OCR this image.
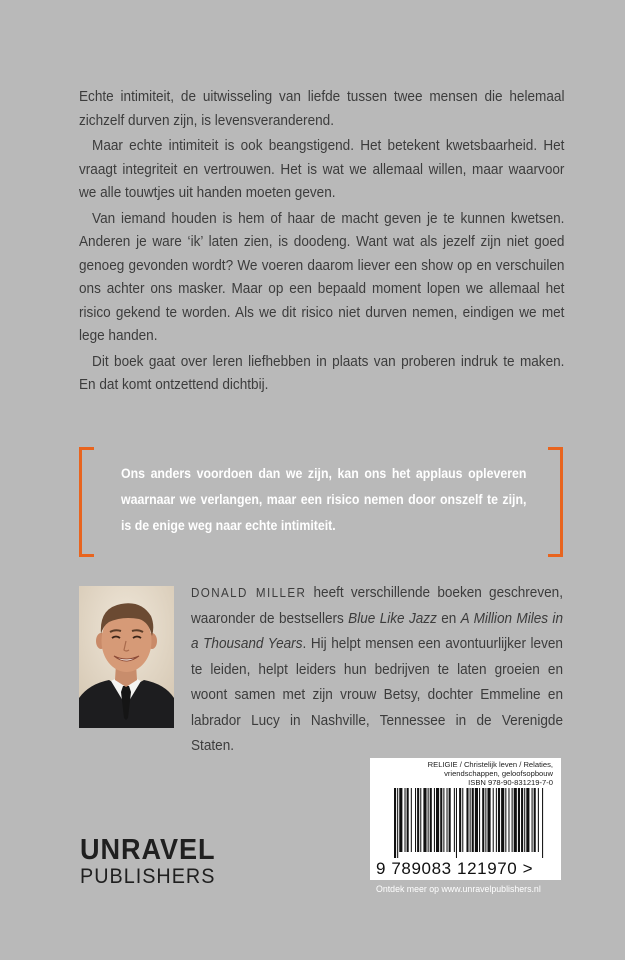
Echte intimiteit, de uitwisseling van liefde tussen twee mensen die helemaal zichzelf durven zijn, is levensveranderend.

Maar echte intimiteit is ook beangstigend. Het betekent kwetsbaarheid. Het vraagt integriteit en vertrouwen. Het is wat we allemaal willen, maar waarvoor we alle touwtjes uit handen moeten geven.

Van iemand houden is hem of haar de macht geven je te kunnen kwetsen. Anderen je ware ‘ik’ laten zien, is doodeng. Want wat als jezelf zijn niet goed genoeg gevonden wordt? We voeren daarom liever een show op en verschuilen ons achter ons masker. Maar op een bepaald moment lopen we allemaal het risico gekend te worden. Als we dit risico niet durven nemen, eindigen we met lege handen.

Dit boek gaat over leren liefhebben in plaats van proberen indruk te maken. En dat komt ontzettend dichtbij.

Ons anders voordoen dan we zijn, kan ons het applaus opleveren waarnaar we verlangen, maar een risico nemen door onszelf te zijn, is de enige weg naar echte intimiteit.
DONALD MILLER heeft verschillende boeken geschreven, waaronder de bestsellers Blue Like Jazz en A Million Miles in a Thousand Years. Hij helpt mensen een avontuurlijker leven te leiden, helpt leiders hun bedrijven te laten groeien en woont samen met zijn vrouw Betsy, dochter Emmeline en labrador Lucy in Nashville, Tennessee in de Verenigde Staten.
RELIGIE / Christelijk leven / Relaties, vriendschappen, geloofsopbouw
ISBN 978-90-831219-7-0
9 789083 121970 >
Ontdek meer op www.unravelpublishers.nl
UNRAVEL
PUBLISHERS
